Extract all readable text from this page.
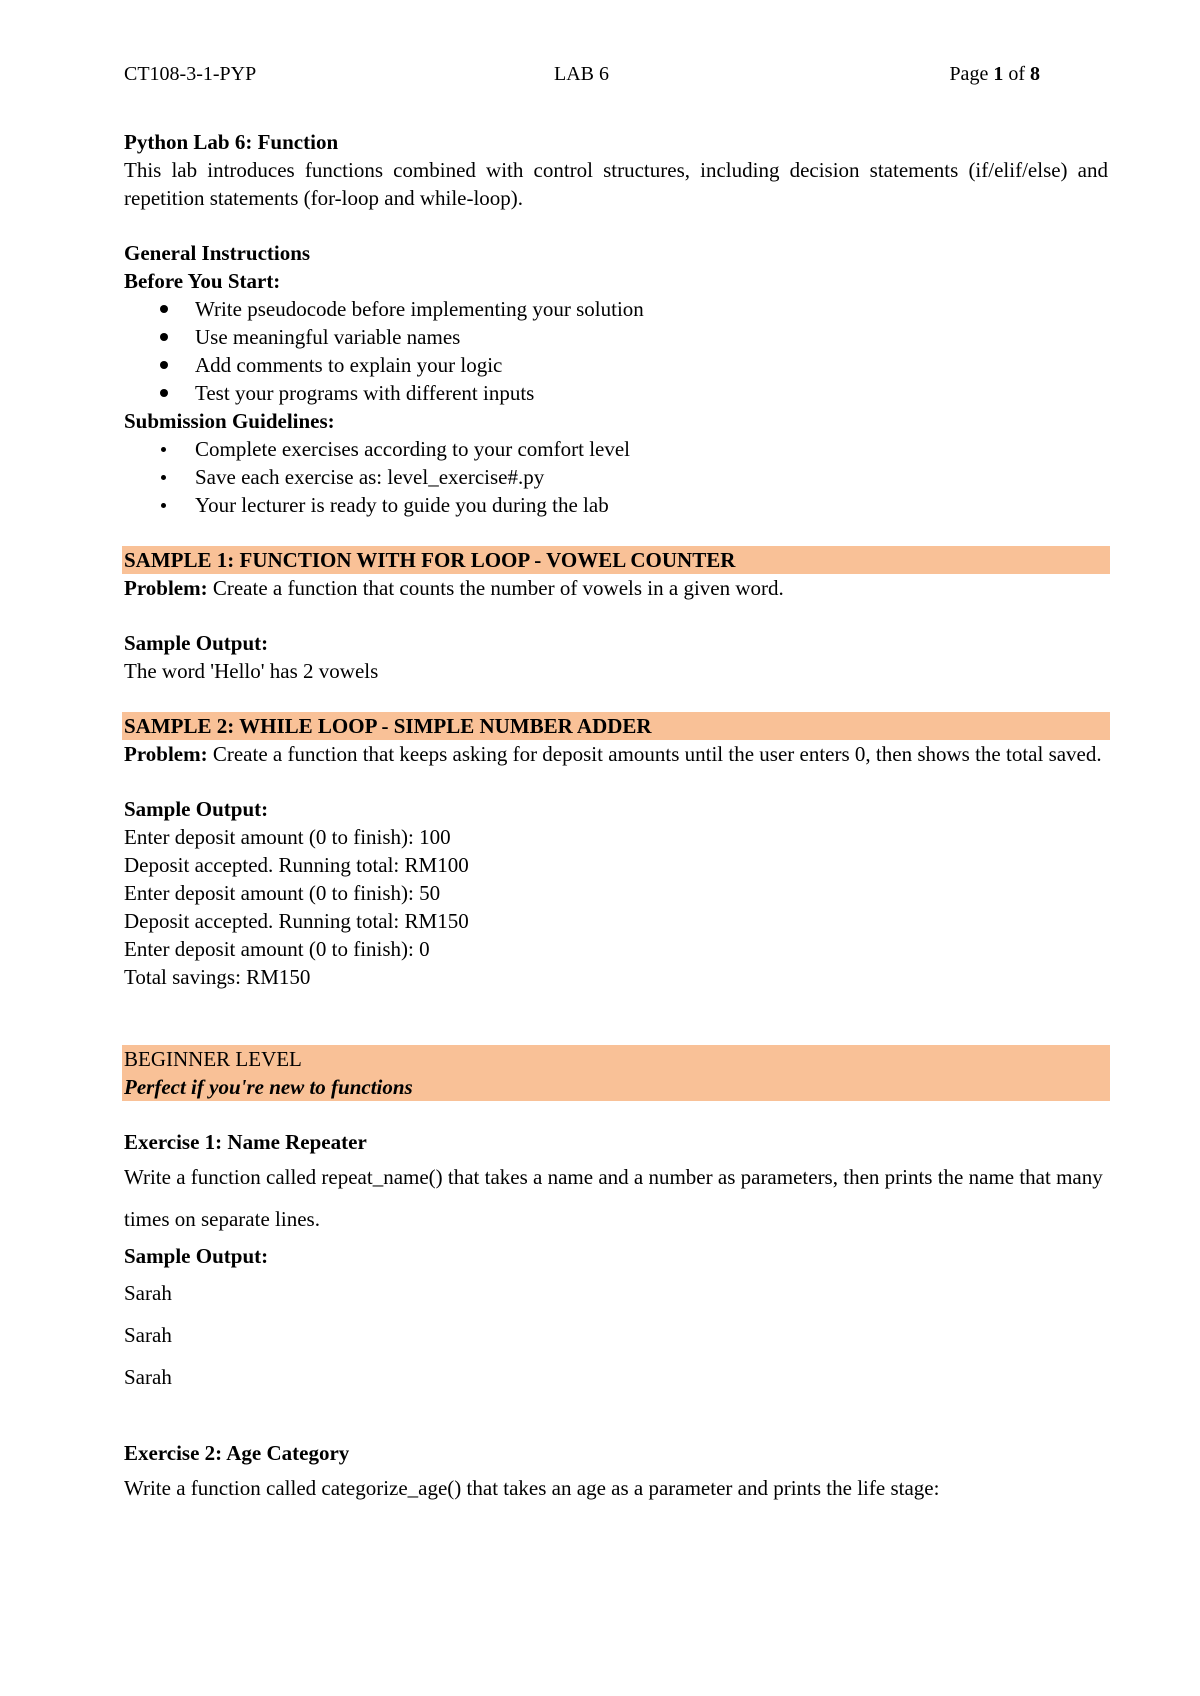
CT108-3-1-PYP	LAB 6	Page 1 of 8
Python Lab 6: Function
This lab introduces functions combined with control structures, including decision statements (if/elif/else) and repetition statements (for-loop and while-loop).
General Instructions
Before You Start:
Write pseudocode before implementing your solution
Use meaningful variable names
Add comments to explain your logic
Test your programs with different inputs
Submission Guidelines:
Complete exercises according to your comfort level
Save each exercise as: level_exercise#.py
Your lecturer is ready to guide you during the lab
SAMPLE 1: FUNCTION WITH FOR LOOP - VOWEL COUNTER
Problem: Create a function that counts the number of vowels in a given word.
Sample Output:
The word 'Hello' has 2 vowels
SAMPLE 2: WHILE LOOP - SIMPLE NUMBER ADDER
Problem: Create a function that keeps asking for deposit amounts until the user enters 0, then shows the total saved.
Sample Output:
Enter deposit amount (0 to finish): 100
Deposit accepted. Running total: RM100
Enter deposit amount (0 to finish): 50
Deposit accepted. Running total: RM150
Enter deposit amount (0 to finish): 0
Total savings: RM150
BEGINNER LEVEL
Perfect if you're new to functions
Exercise 1: Name Repeater
Write a function called repeat_name() that takes a name and a number as parameters, then prints the name that many times on separate lines.
Sample Output:
Sarah
Sarah
Sarah
Exercise 2: Age Category
Write a function called categorize_age() that takes an age as a parameter and prints the life stage:
